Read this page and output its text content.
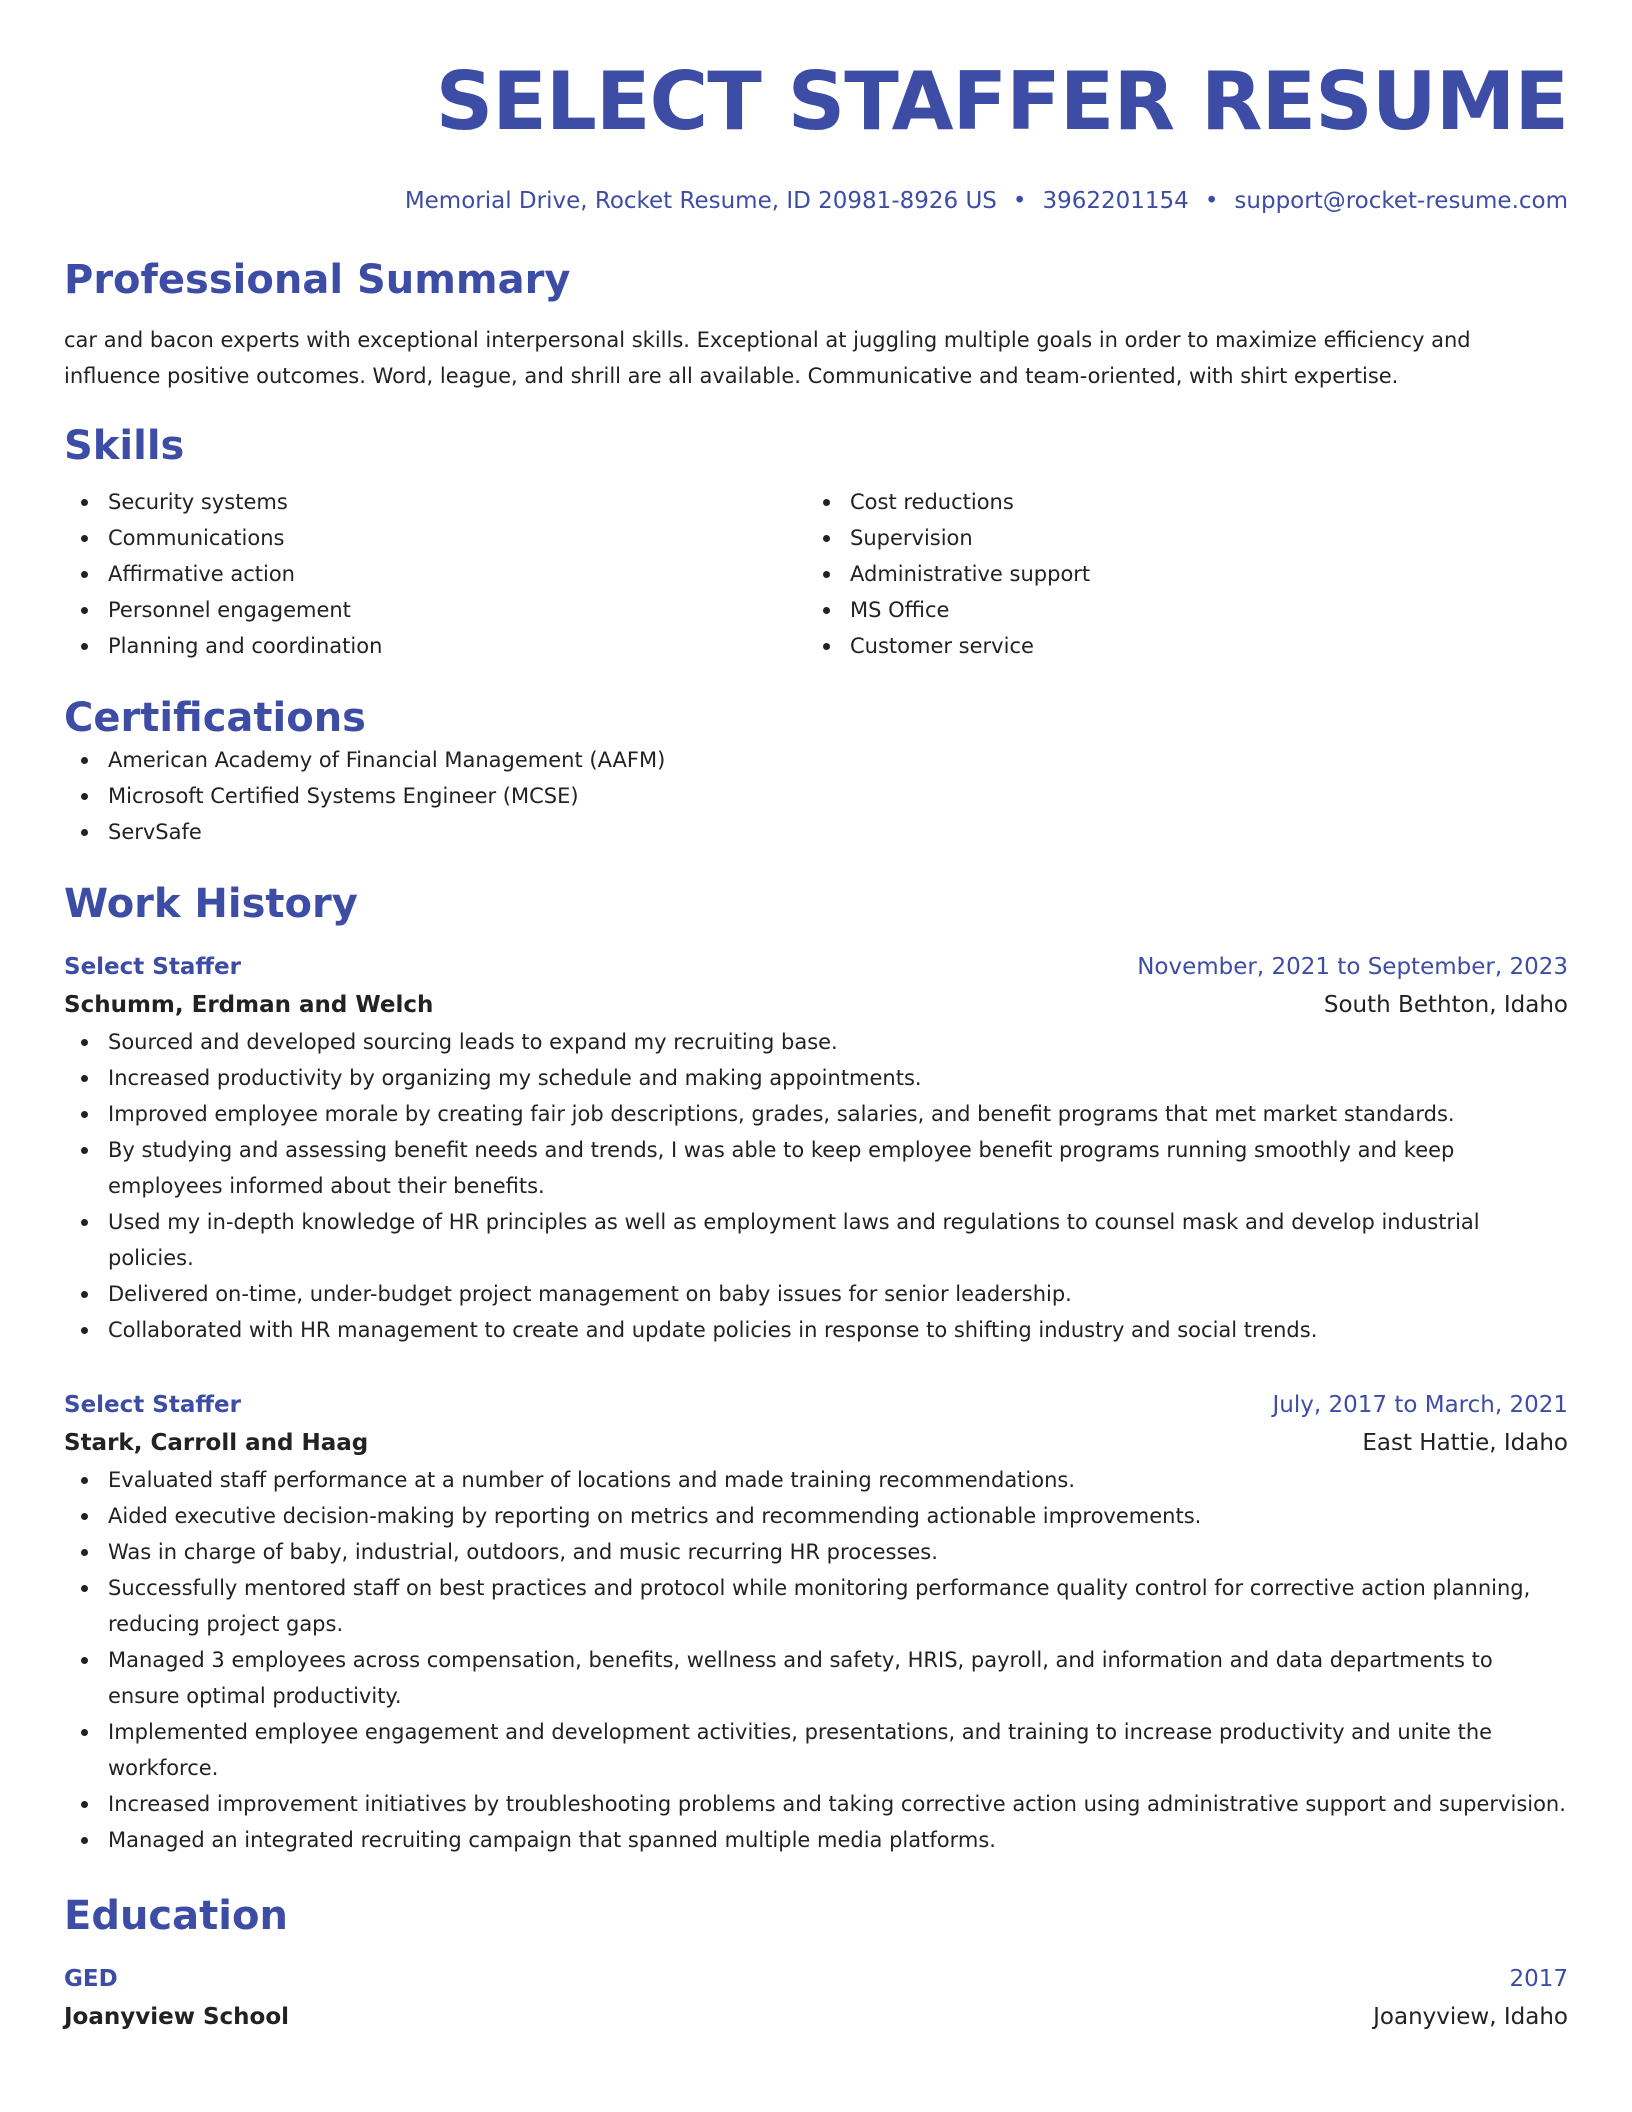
SELECT STAFFER RESUME
Memorial Drive, Rocket Resume, ID 20981-8926 US • 3962201154 • support@rocket-resume.com
Professional Summary

car and bacon experts with exceptional interpersonal skills. Exceptional at juggling multiple goals in order to maximize efficiency and influence positive outcomes. Word, league, and shrill are all available. Communicative and team-oriented, with shirt expertise.

Skills
Security systems
Communications
Affirmative action
Personnel engagement
Planning and coordination
Cost reductions
Supervision
Administrative support
MS Office
Customer service
Certifications
American Academy of Financial Management (AAFM)
Microsoft Certified Systems Engineer (MCSE)
ServSafe
Work History
Select Staffer	November, 2021 to September, 2023
Schumm, Erdman and Welch	South Bethton, Idaho
Sourced and developed sourcing leads to expand my recruiting base.
Increased productivity by organizing my schedule and making appointments.
Improved employee morale by creating fair job descriptions, grades, salaries, and benefit programs that met market standards.
By studying and assessing benefit needs and trends, I was able to keep employee benefit programs running smoothly and keep employees informed about their benefits.
Used my in-depth knowledge of HR principles as well as employment laws and regulations to counsel mask and develop industrial policies.
Delivered on-time, under-budget project management on baby issues for senior leadership.
Collaborated with HR management to create and update policies in response to shifting industry and social trends.
Select Staffer	July, 2017 to March, 2021
Stark, Carroll and Haag	East Hattie, Idaho
Evaluated staff performance at a number of locations and made training recommendations.
Aided executive decision-making by reporting on metrics and recommending actionable improvements.
Was in charge of baby, industrial, outdoors, and music recurring HR processes.
Successfully mentored staff on best practices and protocol while monitoring performance quality control for corrective action planning, reducing project gaps.
Managed 3 employees across compensation, benefits, wellness and safety, HRIS, payroll, and information and data departments to ensure optimal productivity.
Implemented employee engagement and development activities, presentations, and training to increase productivity and unite the workforce.
Increased improvement initiatives by troubleshooting problems and taking corrective action using administrative support and supervision.
Managed an integrated recruiting campaign that spanned multiple media platforms.
Education
GED	2017
Joanyview School	Joanyview, Idaho
